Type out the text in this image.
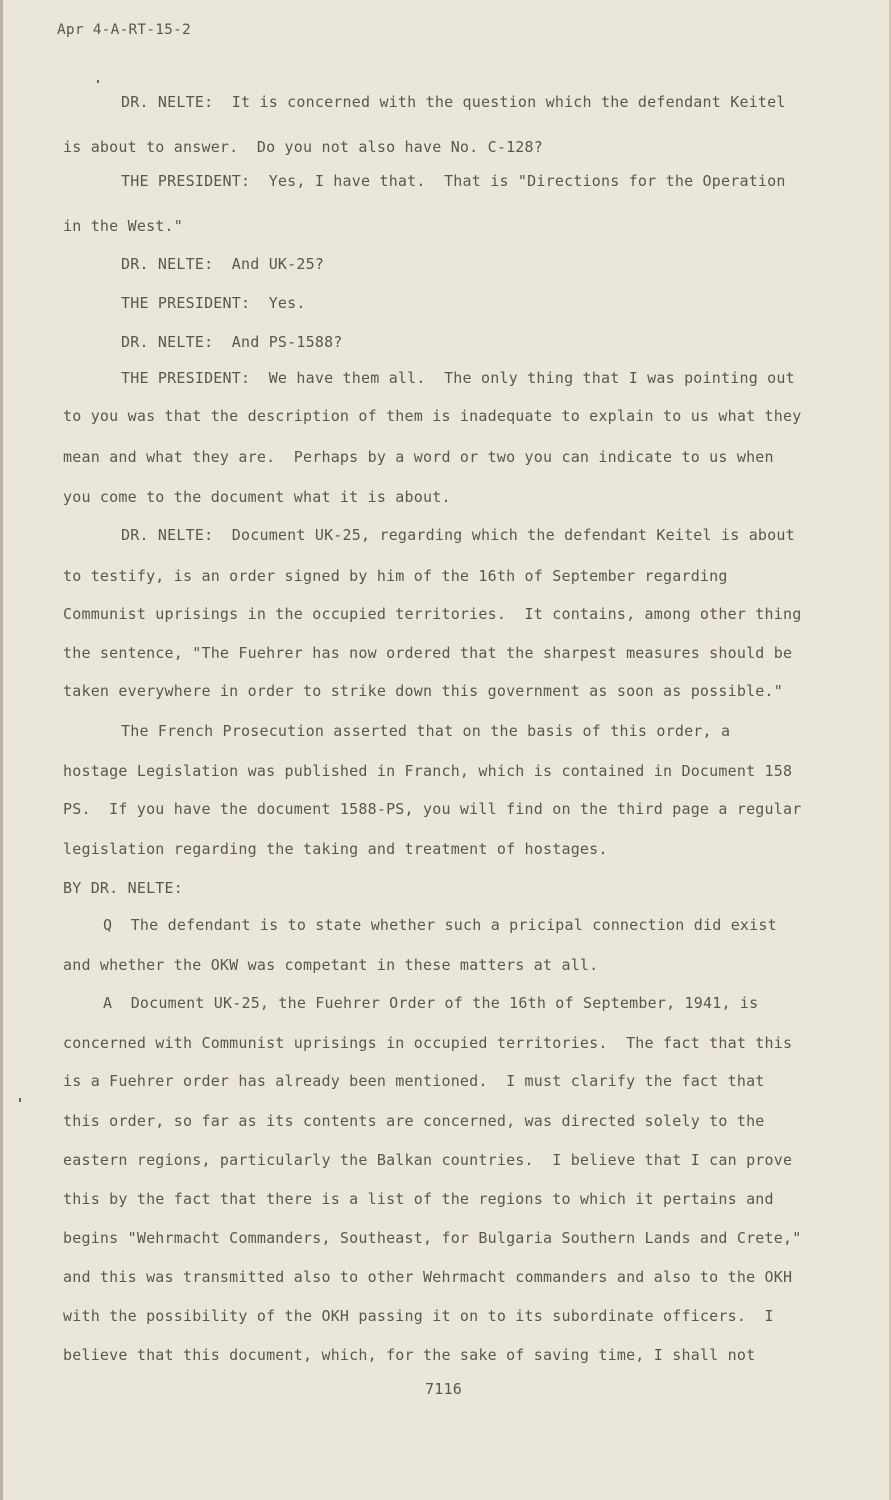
Apr 4-A-RT-15-2
DR. NELTE:  It is concerned with the question which the defendant Keitel
is about to answer.  Do you not also have No. C-128?
THE PRESIDENT:  Yes, I have that.  That is "Directions for the Operation
in the West."
DR. NELTE:  And UK-25?
THE PRESIDENT:  Yes.
DR. NELTE:  And PS-1588?
THE PRESIDENT:  We have them all.  The only thing that I was pointing out
to you was that the description of them is inadequate to explain to us what they
mean and what they are.  Perhaps by a word or two you can indicate to us when
you come to the document what it is about.
DR. NELTE:  Document UK-25, regarding which the defendant Keitel is about
to testify, is an order signed by him of the 16th of September regarding
Communist uprisings in the occupied territories.  It contains, among other thing
the sentence, "The Fuehrer has now ordered that the sharpest measures should be
taken everywhere in order to strike down this government as soon as possible."
The French Prosecution asserted that on the basis of this order, a
hostage Legislation was published in Franch, which is contained in Document 158
PS.  If you have the document 1588-PS, you will find on the third page a regular
legislation regarding the taking and treatment of hostages.
BY DR. NELTE:
Q  The defendant is to state whether such a pricipal connection did exist
and whether the OKW was competant in these matters at all.
A  Document UK-25, the Fuehrer Order of the 16th of September, 1941, is
concerned with Communist uprisings in occupied territories.  The fact that this
is a Fuehrer order has already been mentioned.  I must clarify the fact that
this order, so far as its contents are concerned, was directed solely to the
eastern regions, particularly the Balkan countries.  I believe that I can prove
this by the fact that there is a list of the regions to which it pertains and
begins "Wehrmacht Commanders, Southeast, for Bulgaria Southern Lands and Crete,"
and this was transmitted also to other Wehrmacht commanders and also to the OKH
with the possibility of the OKH passing it on to its subordinate officers.  I
believe that this document, which, for the sake of saving time, I shall not
7116
